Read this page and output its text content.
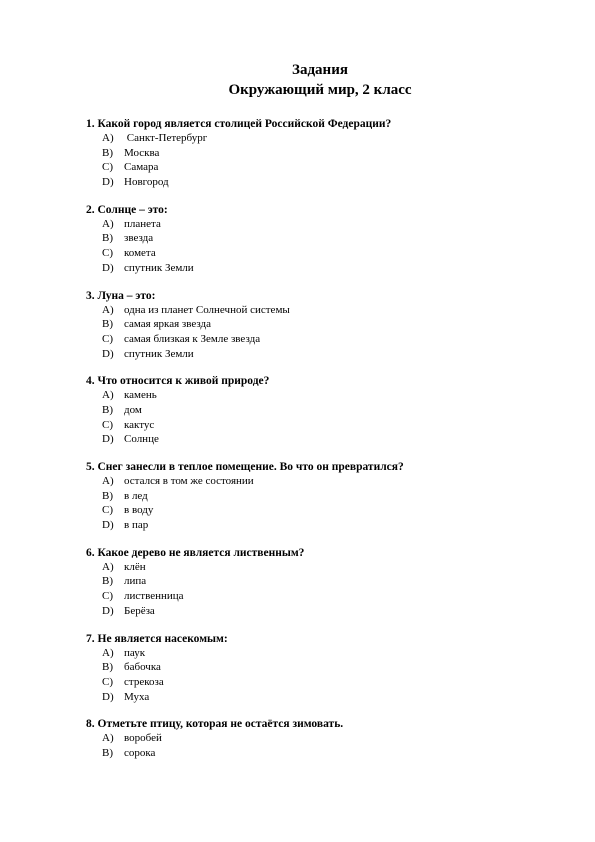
Задания
Окружающий мир, 2 класс
1. Какой город является столицей Российской Федерации?
A) Санкт-Петербург
B) Москва
C) Самара
D) Новгород
2. Солнце – это:
A) планета
B) звезда
C) комета
D) спутник Земли
3. Луна – это:
A) одна из планет Солнечной системы
B) самая яркая звезда
C) самая близкая к Земле звезда
D) спутник Земли
4. Что относится к живой природе?
A) камень
B) дом
C) кактус
D) Солнце
5. Снег занесли в теплое помещение. Во что он превратился?
A) остался в том же состоянии
B) в лед
C) в воду
D) в пар
6. Какое дерево не является лиственным?
A) клён
B) липа
C) лиственница
D) Берёза
7. Не является насекомым:
A) паук
B) бабочка
C) стрекоза
D) Муха
8. Отметьте птицу, которая не остаётся зимовать.
A) воробей
B) сорока
